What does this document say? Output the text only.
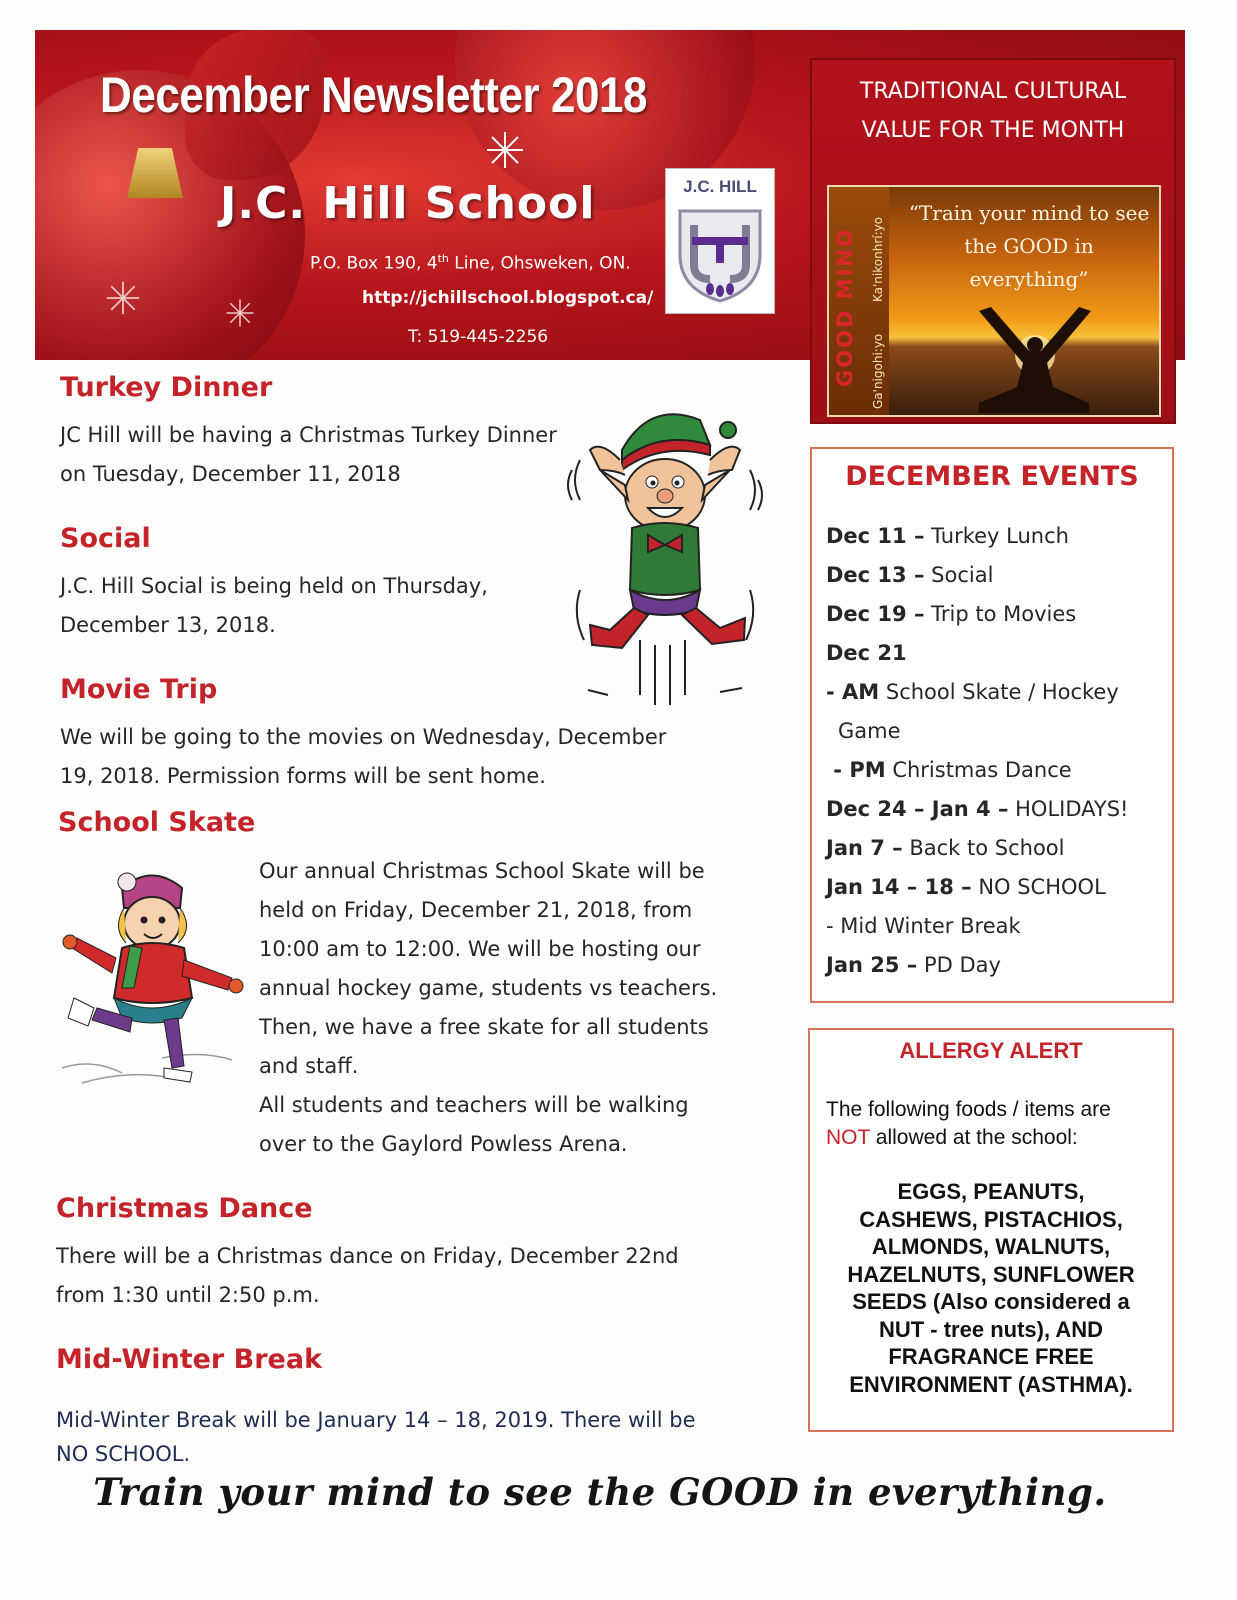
December Newsletter 2018
J.C. Hill School
P.O. Box 190, 4th Line, Ohsweken, ON.
http://jchillschool.blogspot.ca/
T: 519-445-2256
J.C. HILL
TRADITIONAL CULTURAL
VALUE FOR THE MONTH
GOOD MIND Ka'nikonhrí:yo
Ga'nigohi:yo
“Train your mind to see
the GOOD in
everything”
Turkey Dinner
JC Hill will be having a Christmas Turkey Dinner
on Tuesday, December 11, 2018
Social
J.C. Hill Social is being held on Thursday,
December 13, 2018.
Movie Trip
We will be going to the movies on Wednesday, December
19, 2018. Permission forms will be sent home.
School Skate
Our annual Christmas School Skate will be
held on Friday, December 21, 2018, from
10:00 am to 12:00. We will be hosting our
annual hockey game, students vs teachers.
Then, we have a free skate for all students
and staff.
All students and teachers will be walking
over to the Gaylord Powless Arena.
Christmas Dance
There will be a Christmas dance on Friday, December 22nd
from 1:30 until 2:50 p.m.
Mid-Winter Break
Mid-Winter Break will be January 14 – 18, 2019. There will be
NO SCHOOL.
DECEMBER EVENTS
Dec 11 – Turkey Lunch
Dec 13 – Social
Dec 19 – Trip to Movies
Dec 21
- AM School Skate / Hockey
Game
- PM Christmas Dance
Dec 24 – Jan 4 – HOLIDAYS!
Jan 7 – Back to School
Jan 14 – 18 – NO SCHOOL
- Mid Winter Break
Jan 25 – PD Day
ALLERGY ALERT
The following foods / items are
NOT allowed at the school:
EGGS, PEANUTS,
CASHEWS, PISTACHIOS,
ALMONDS, WALNUTS,
HAZELNUTS, SUNFLOWER
SEEDS (Also considered a
NUT - tree nuts), AND
FRAGRANCE FREE
ENVIRONMENT (ASTHMA).
Train your mind to see the GOOD in everything.
